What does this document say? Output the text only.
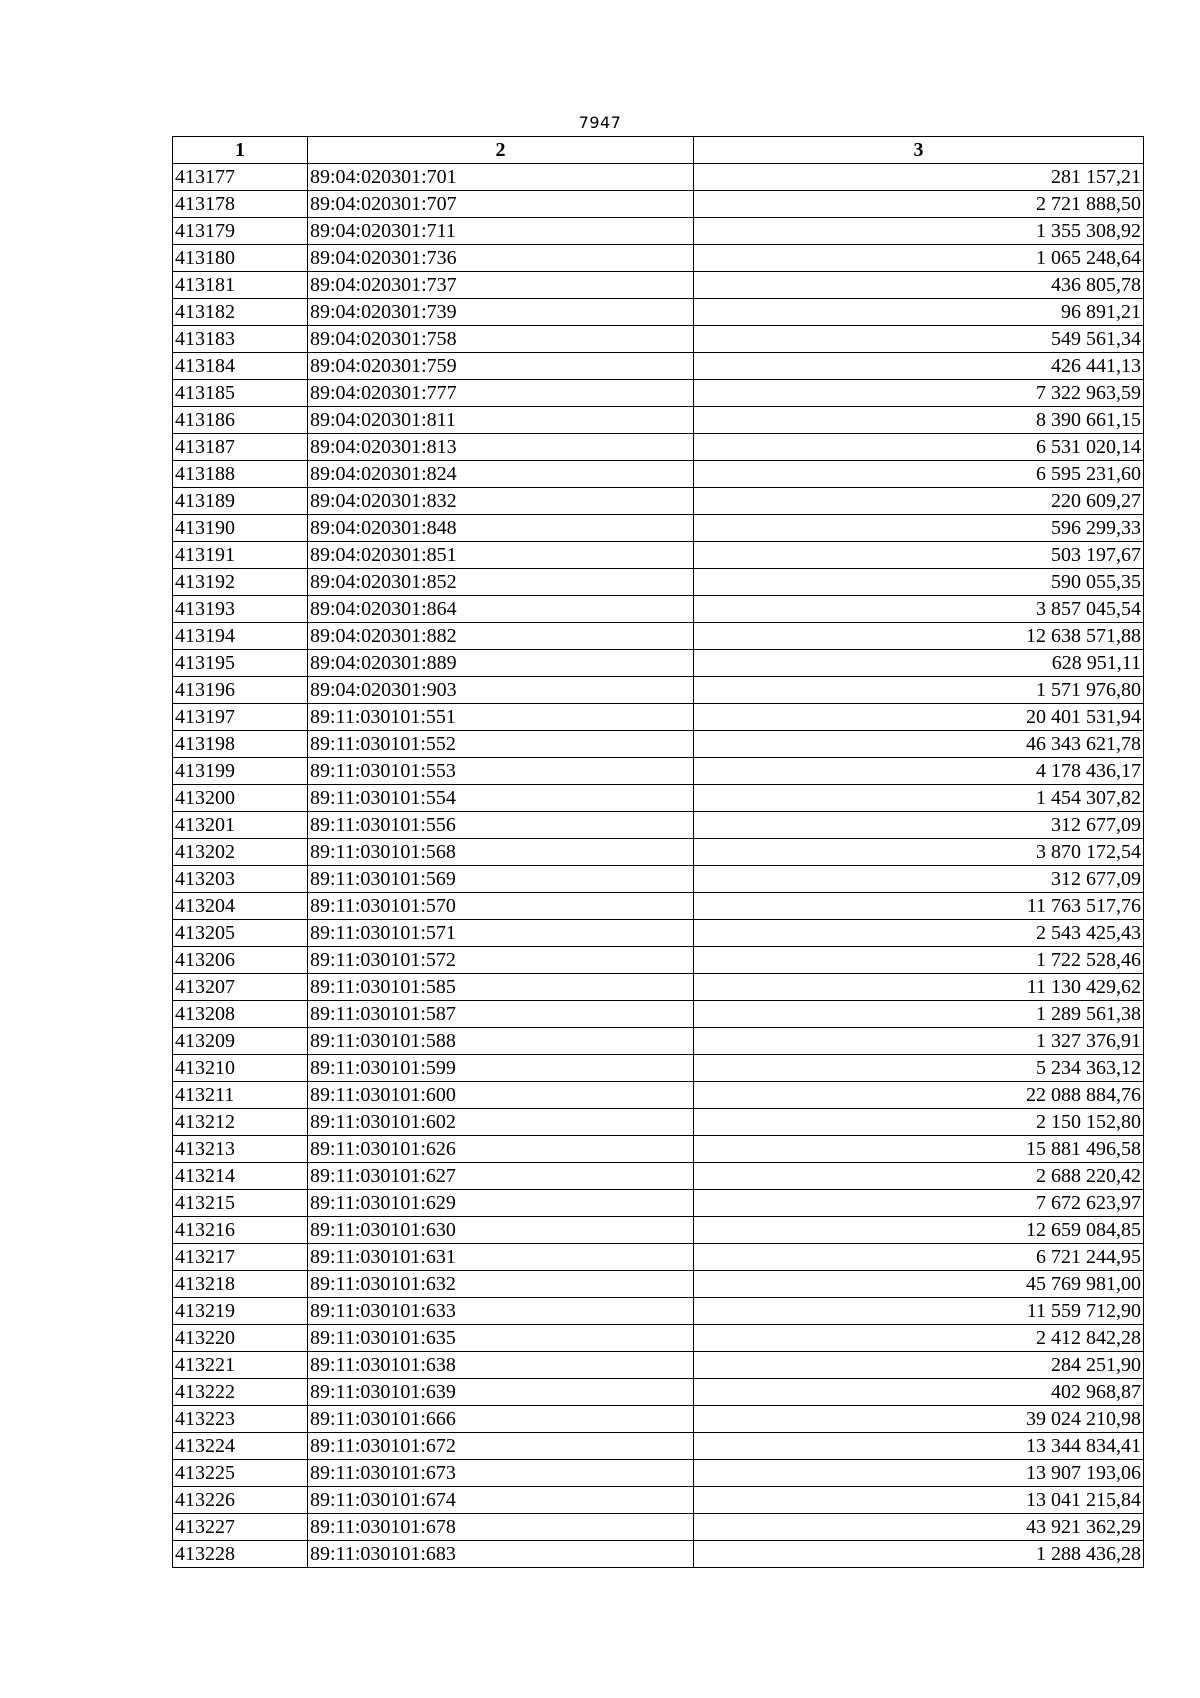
7947
1	2	3
413177	89:04:020301:701	281 157,21
413178	89:04:020301:707	2 721 888,50
413179	89:04:020301:711	1 355 308,92
413180	89:04:020301:736	1 065 248,64
413181	89:04:020301:737	436 805,78
413182	89:04:020301:739	96 891,21
413183	89:04:020301:758	549 561,34
413184	89:04:020301:759	426 441,13
413185	89:04:020301:777	7 322 963,59
413186	89:04:020301:811	8 390 661,15
413187	89:04:020301:813	6 531 020,14
413188	89:04:020301:824	6 595 231,60
413189	89:04:020301:832	220 609,27
413190	89:04:020301:848	596 299,33
413191	89:04:020301:851	503 197,67
413192	89:04:020301:852	590 055,35
413193	89:04:020301:864	3 857 045,54
413194	89:04:020301:882	12 638 571,88
413195	89:04:020301:889	628 951,11
413196	89:04:020301:903	1 571 976,80
413197	89:11:030101:551	20 401 531,94
413198	89:11:030101:552	46 343 621,78
413199	89:11:030101:553	4 178 436,17
413200	89:11:030101:554	1 454 307,82
413201	89:11:030101:556	312 677,09
413202	89:11:030101:568	3 870 172,54
413203	89:11:030101:569	312 677,09
413204	89:11:030101:570	11 763 517,76
413205	89:11:030101:571	2 543 425,43
413206	89:11:030101:572	1 722 528,46
413207	89:11:030101:585	11 130 429,62
413208	89:11:030101:587	1 289 561,38
413209	89:11:030101:588	1 327 376,91
413210	89:11:030101:599	5 234 363,12
413211	89:11:030101:600	22 088 884,76
413212	89:11:030101:602	2 150 152,80
413213	89:11:030101:626	15 881 496,58
413214	89:11:030101:627	2 688 220,42
413215	89:11:030101:629	7 672 623,97
413216	89:11:030101:630	12 659 084,85
413217	89:11:030101:631	6 721 244,95
413218	89:11:030101:632	45 769 981,00
413219	89:11:030101:633	11 559 712,90
413220	89:11:030101:635	2 412 842,28
413221	89:11:030101:638	284 251,90
413222	89:11:030101:639	402 968,87
413223	89:11:030101:666	39 024 210,98
413224	89:11:030101:672	13 344 834,41
413225	89:11:030101:673	13 907 193,06
413226	89:11:030101:674	13 041 215,84
413227	89:11:030101:678	43 921 362,29
413228	89:11:030101:683	1 288 436,28
